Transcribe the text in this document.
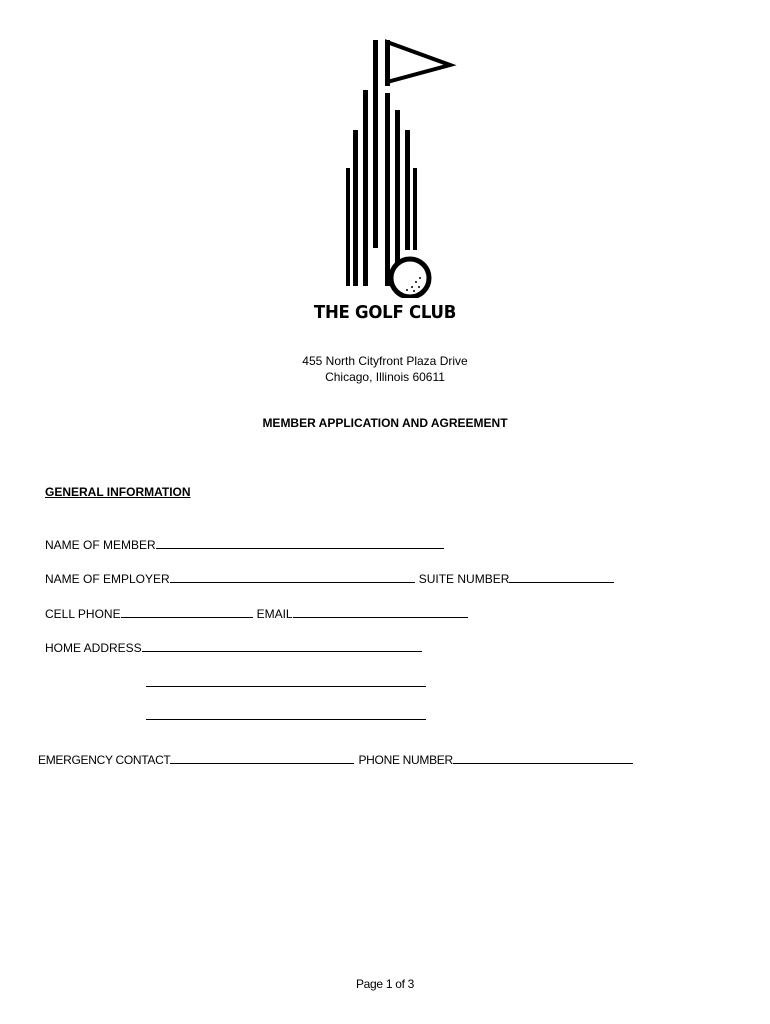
THE GOLF CLUB
455 North Cityfront Plaza Drive
Chicago, Illinois 60611
MEMBER APPLICATION AND AGREEMENT
GENERAL INFORMATION
NAME OF MEMBER
NAME OF EMPLOYER	SUITE NUMBER
CELL PHONE	EMAIL
HOME ADDRESS
EMERGENCY CONTACT	PHONE NUMBER
Page 1 of 3
